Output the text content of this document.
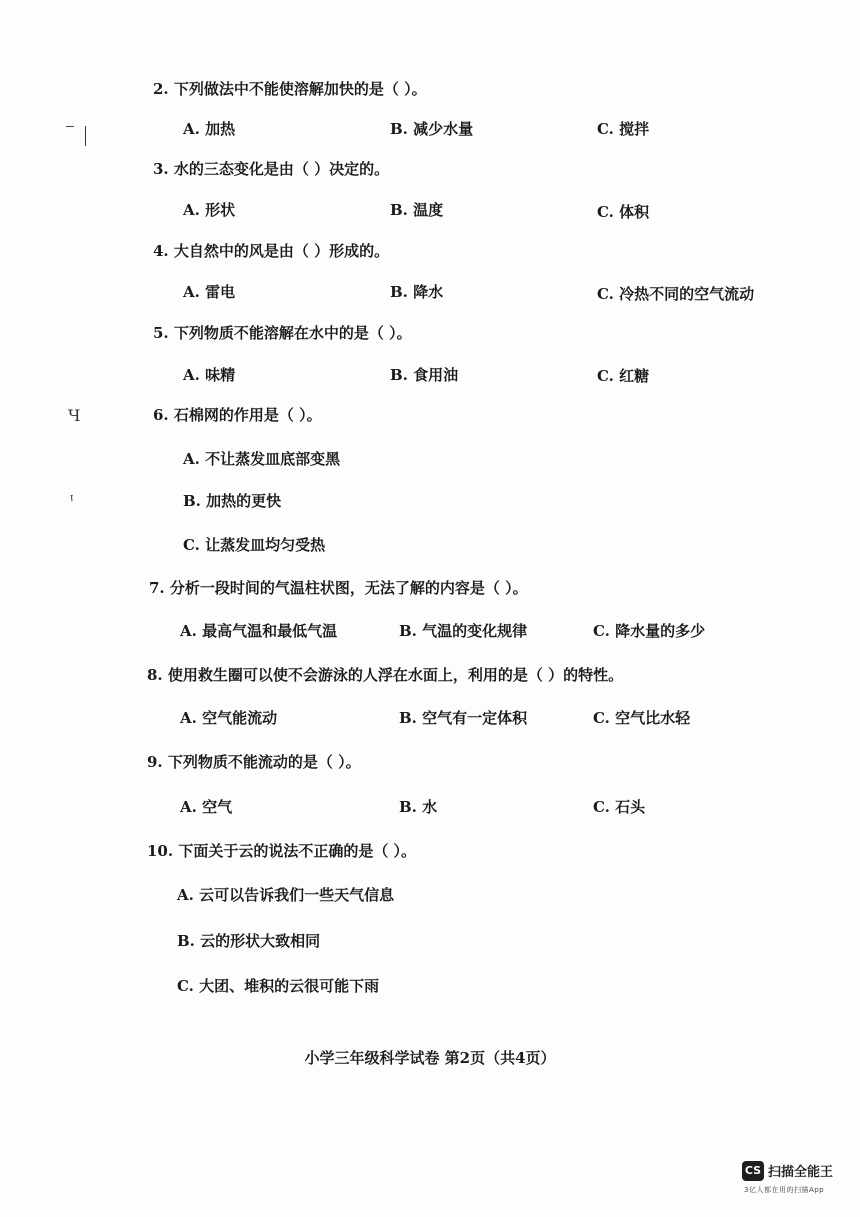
Ч
ᵎ
2. 下列做法中不能使溶解加快的是（ ）。
A. 加热	B. 减少水量	C. 搅拌
3. 水的三态变化是由（ ）决定的。
A. 形状	B. 温度	C. 体积
4. 大自然中的风是由（ ）形成的。
A. 雷电	B. 降水	C. 冷热不同的空气流动
5. 下列物质不能溶解在水中的是（ ）。
A. 味精	B. 食用油	C. 红糖
6. 石棉网的作用是（ ）。
A. 不让蒸发皿底部变黑
B. 加热的更快
C. 让蒸发皿均匀受热
7. 分析一段时间的气温柱状图，无法了解的内容是（ ）。
A. 最高气温和最低气温	B. 气温的变化规律	C. 降水量的多少
8. 使用救生圈可以使不会游泳的人浮在水面上，利用的是（ ）的特性。
A. 空气能流动	B. 空气有一定体积	C. 空气比水轻
9. 下列物质不能流动的是（ ）。
A. 空气	B. 水	C. 石头
10. 下面关于云的说法不正确的是（ ）。
A. 云可以告诉我们一些天气信息
B. 云的形状大致相同
C. 大团、堆积的云很可能下雨
小学三年级科学试卷 第2页（共4页）
CS 扫描全能王
3亿人都在用的扫描App
